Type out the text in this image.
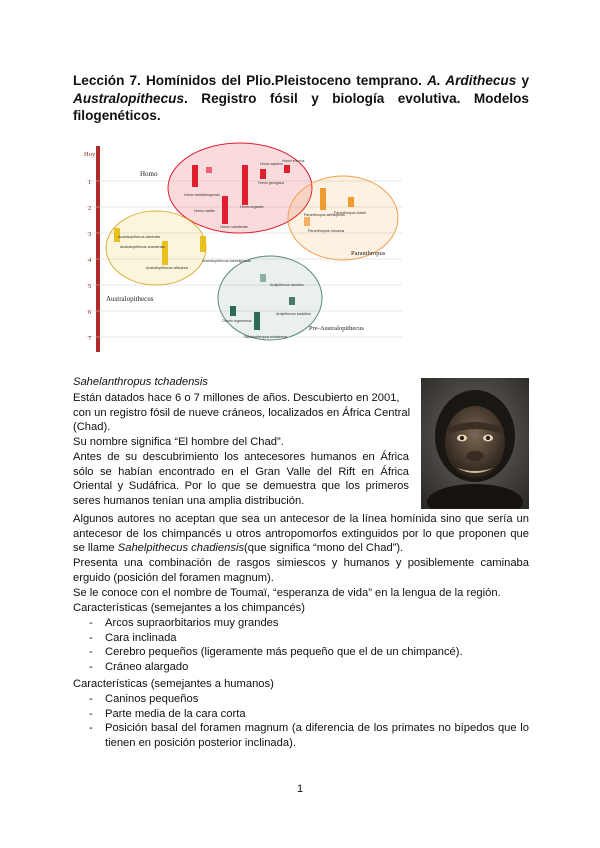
Lección 7. Homínidos del Plio.Pleistoceno temprano. A. Ardithecus y Australopithecus. Registro fósil y biología evolutiva. Modelos filogenéticos.
Hoy
1
2
3
4
5
6
7
Homo
Paranthropus
Australopithecus
Pre-Australopithecus
Homo sapiens
Homo erectus
Homo heidelbergensis
Homo habilis
Homo rudolfensis
Homo ergaster
Homo georgicus
Australopithecus afarensis
Australopithecus anamensis
Australopithecus africanus
Australopithecus bahrelghazali
Paranthropus aethiopicus
Paranthropus boisei
Paranthropus robustus
Ardipithecus ramidus
Ardipithecus kadabba
Orrorin tugenensis
Sahelanthropus tchadensis

Sahelanthropus tchadensis

Están datados hace 6 o 7 millones de años. Descubierto en 2001, con un registro fósil de nueve cráneos, localizados en África Central (Chad).

Su nombre significa “El hombre del Chad”.

Antes de su descubrimiento los antecesores humanos en África sólo se habían encontrado en el Gran Valle del Rift en África Oriental y Sudáfrica. Por lo que se demuestra que los primeros seres humanos tenían una amplia distribución.

Algunos autores no aceptan que sea un antecesor de la línea homínida sino que sería un antecesor de los chimpancés u otros antropomorfos extinguidos por lo que proponen que se llame Sahelpithecus chadiensis(que significa “mono del Chad”).

Presenta una combinación de rasgos simiescos y humanos y posiblemente caminaba erguido (posición del foramen magnum).

Se le conoce con el nombre de Toumaï, “esperanza de vida” en la lengua de la región.

Características (semejantes a los chimpancés)

- Arcos supraorbitarios muy grandes
- Cara inclinada
- Cerebro pequeños (ligeramente más pequeño que el de un chimpancé).
- Cráneo alargado

Características (semejantes a humanos)

- Caninos pequeños
- Parte media de la cara corta
- Posición basal del foramen magnum (a diferencia de los primates no bípedos que lo tienen en posición posterior inclinada).
1
